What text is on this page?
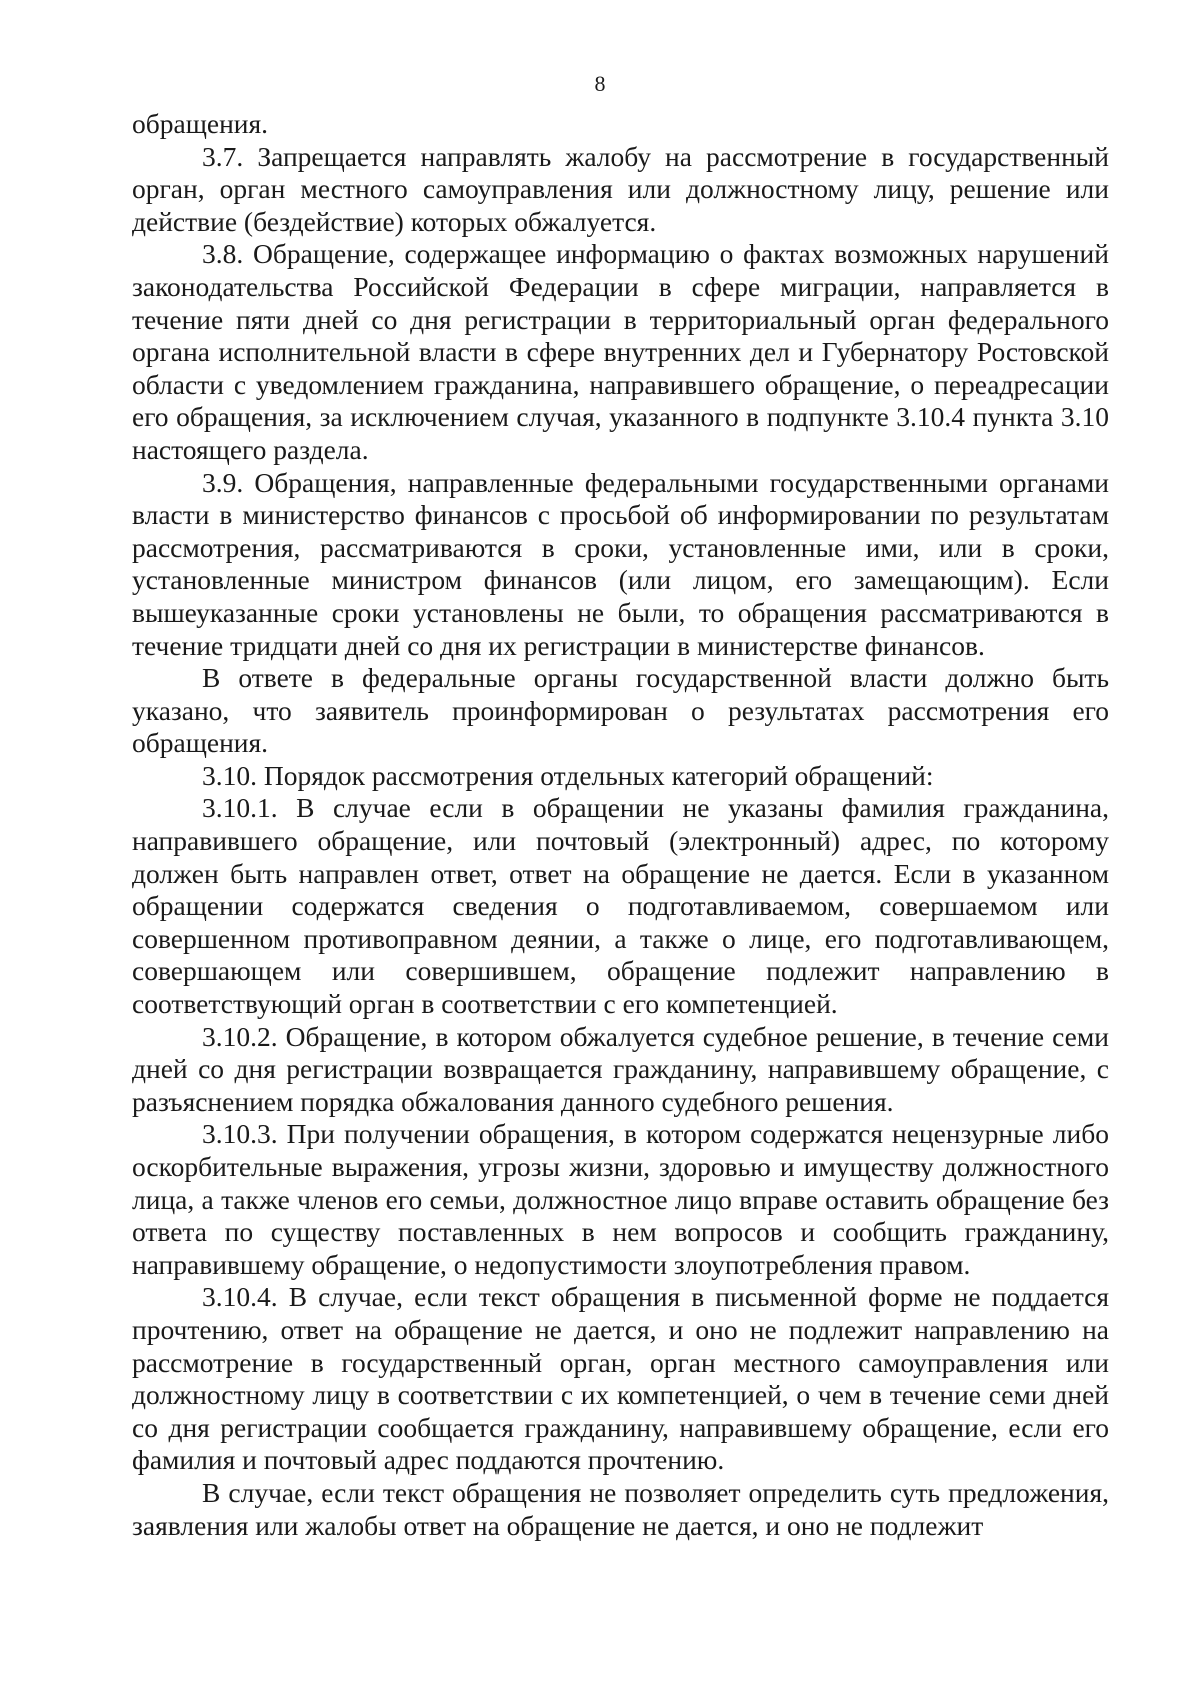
8

обращения.

3.7. Запрещается направлять жалобу на рассмотрение в государственный орган, орган местного самоуправления или должностному лицу, решение или действие (бездействие) которых обжалуется.

3.8. Обращение, содержащее информацию о фактах возможных нарушений законодательства Российской Федерации в сфере миграции, направляется в течение пяти дней со дня регистрации в территориальный орган федерального органа исполнительной власти в сфере внутренних дел и Губернатору Ростовской области с уведомлением гражданина, направившего обращение, о переадресации его обращения, за исключением случая, указанного в подпункте 3.10.4 пункта 3.10 настоящего раздела.

3.9. Обращения, направленные федеральными государственными органами власти в министерство финансов с просьбой об информировании по результатам рассмотрения, рассматриваются в сроки, установленные ими, или в сроки, установленные министром финансов (или лицом, его замещающим). Если вышеуказанные сроки установлены не были, то обращения рассматриваются в течение тридцати дней со дня их регистрации в министерстве финансов.

В ответе в федеральные органы государственной власти должно быть указано, что заявитель проинформирован о результатах рассмотрения его обращения.

3.10. Порядок рассмотрения отдельных категорий обращений:

3.10.1. В случае если в обращении не указаны фамилия гражданина, направившего обращение, или почтовый (электронный) адрес, по которому должен быть направлен ответ, ответ на обращение не дается. Если в указанном обращении содержатся сведения о подготавливаемом, совершаемом или совершенном противоправном деянии, а также о лице, его подготавливающем, совершающем или совершившем, обращение подлежит направлению в соответствующий орган в соответствии с его компетенцией.

3.10.2. Обращение, в котором обжалуется судебное решение, в течение семи дней со дня регистрации возвращается гражданину, направившему обращение, с разъяснением порядка обжалования данного судебного решения.

3.10.3. При получении обращения, в котором содержатся нецензурные либо оскорбительные выражения, угрозы жизни, здоровью и имуществу должностного лица, а также членов его семьи, должностное лицо вправе оставить обращение без ответа по существу поставленных в нем вопросов и сообщить гражданину, направившему обращение, о недопустимости злоупотребления правом.

3.10.4. В случае, если текст обращения в письменной форме не поддается прочтению, ответ на обращение не дается, и оно не подлежит направлению на рассмотрение в государственный орган, орган местного самоуправления или должностному лицу в соответствии с их компетенцией, о чем в течение семи дней со дня регистрации сообщается гражданину, направившему обращение, если его фамилия и почтовый адрес поддаются прочтению.

В случае, если текст обращения не позволяет определить суть предложения, заявления или жалобы ответ на обращение не дается, и оно не подлежит
